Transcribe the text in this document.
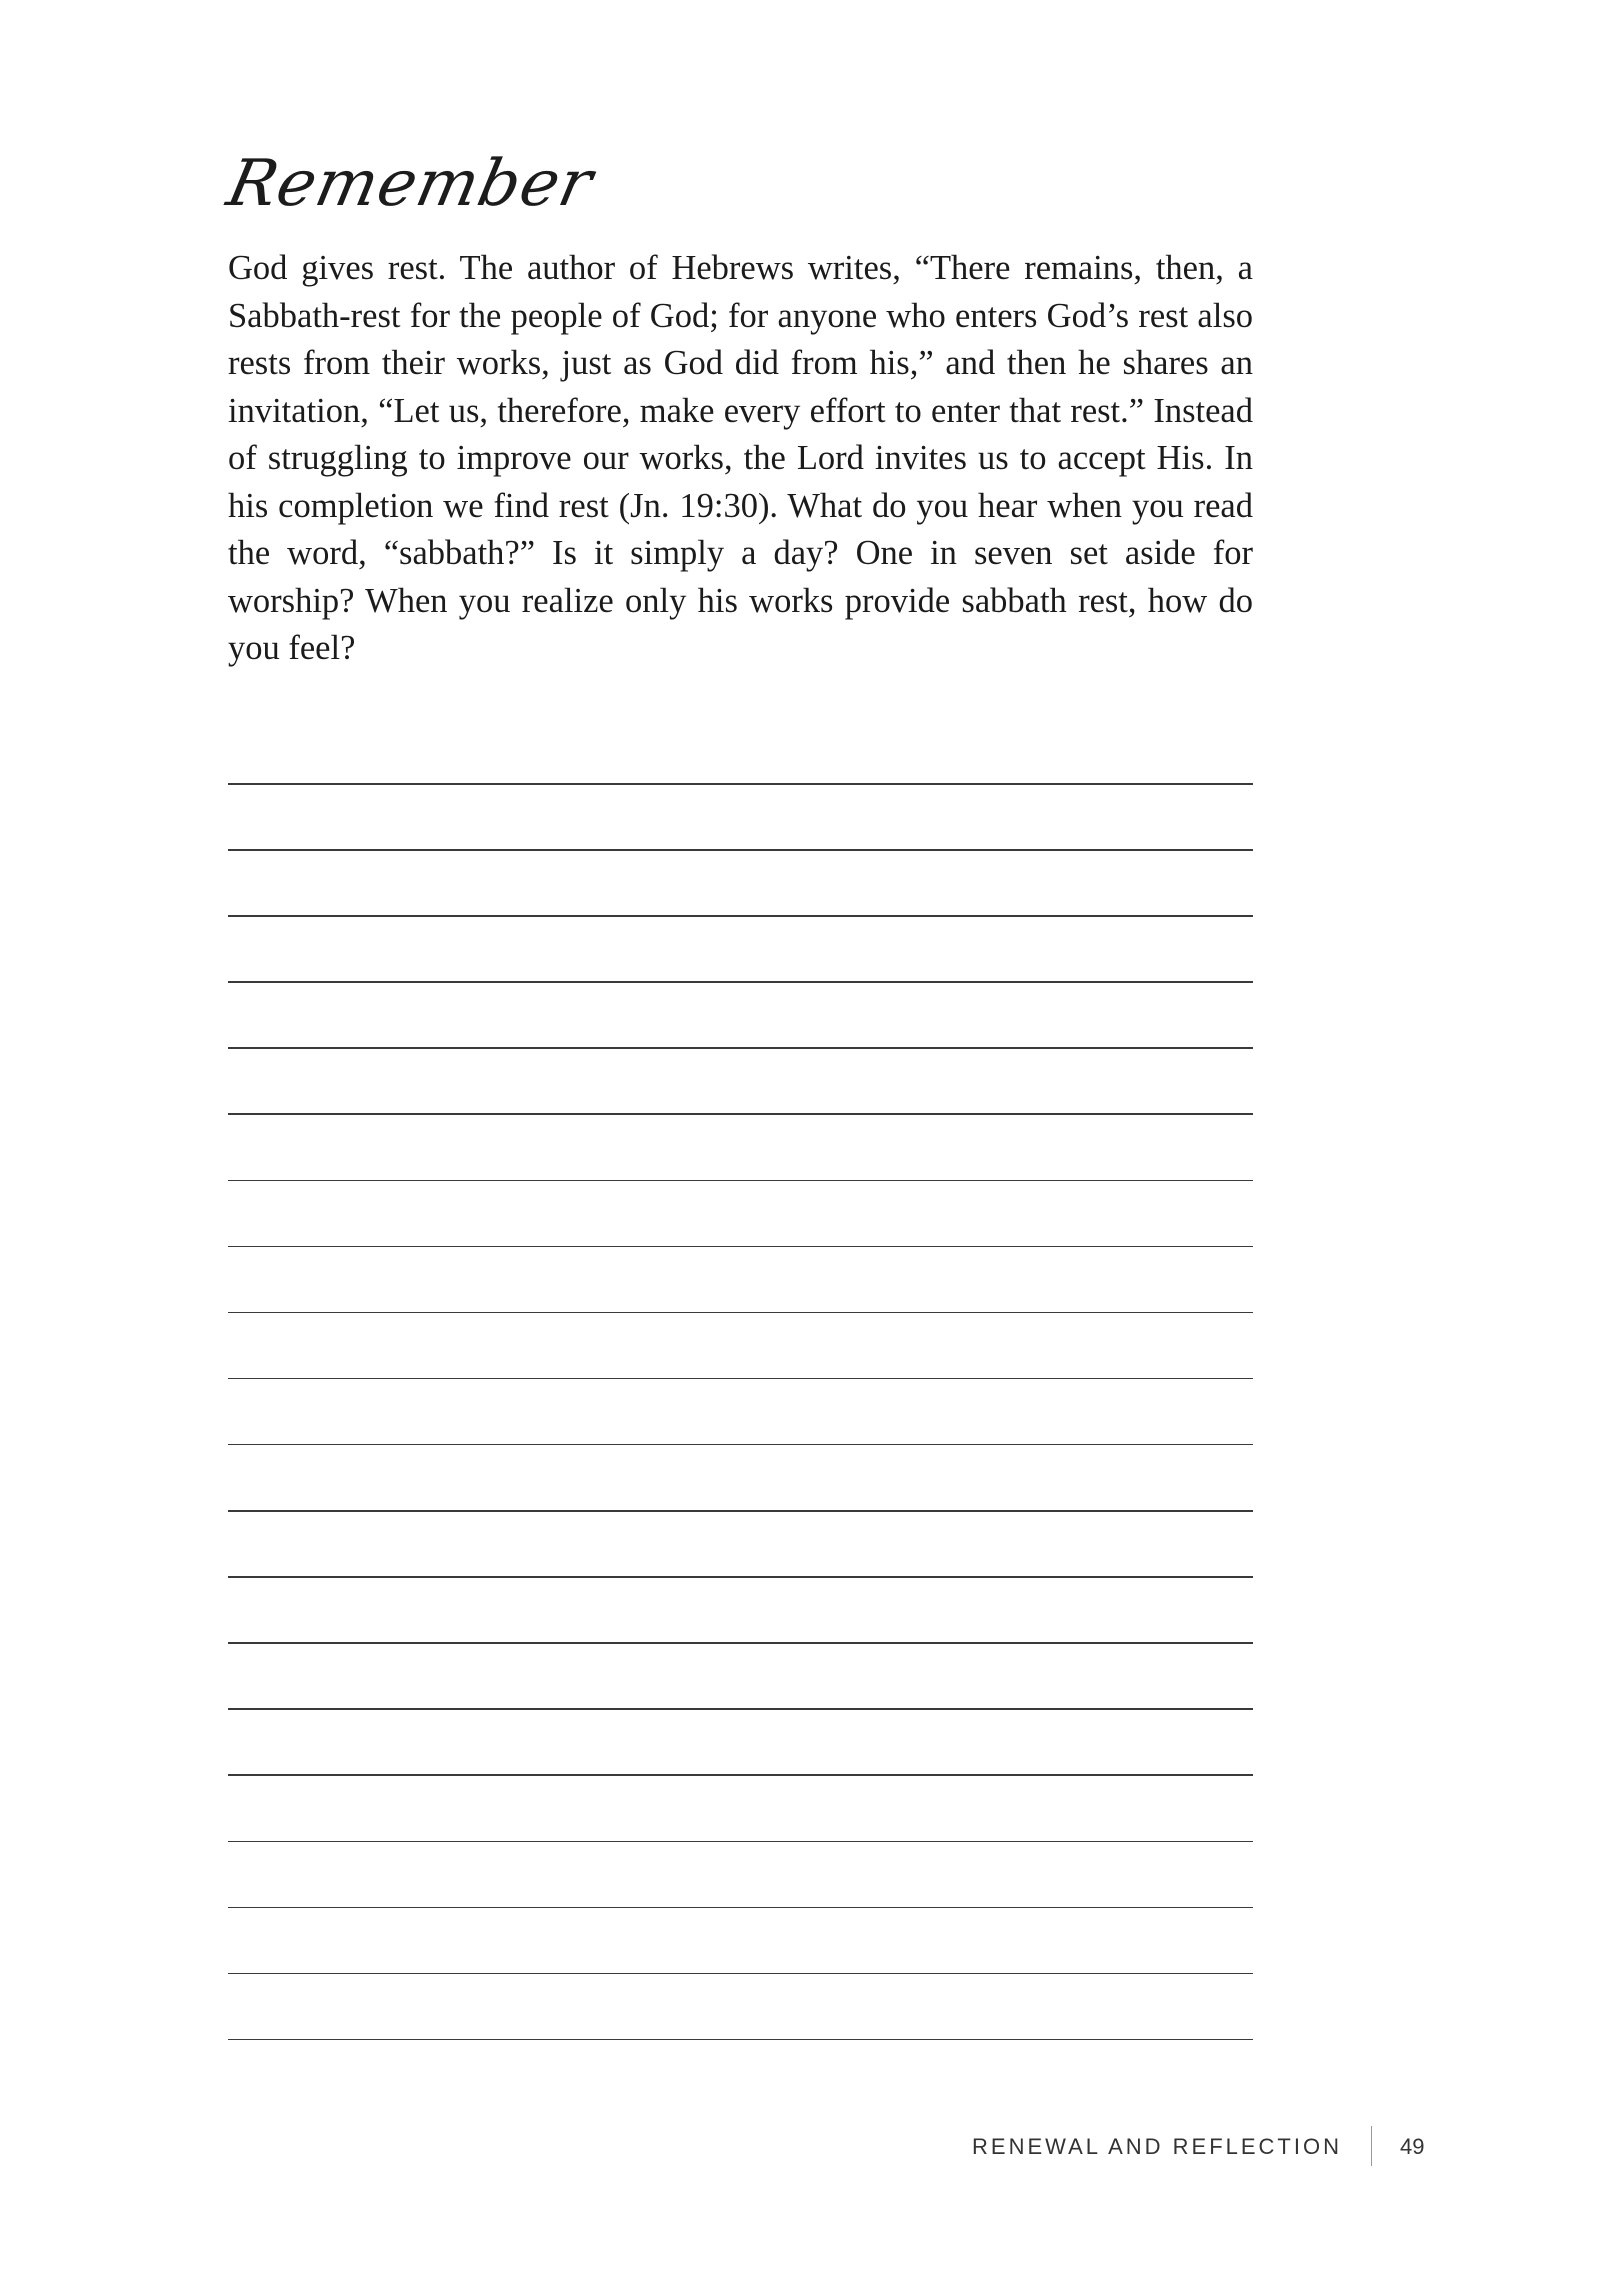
Remember

God gives rest. The author of Hebrews writes, “There remains, then, a Sabbath-rest for the people of God; for anyone who enters God’s rest also rests from their works, just as God did from his,” and then he shares an invitation, “Let us, therefore, make every effort to enter that rest.” Instead of struggling to improve our works, the Lord invites us to accept His. In his completion we find rest (Jn. 19:30). What do you hear when you read the word, “sabbath?” Is it simply a day? One in seven set aside for worship? When you realize only his works provide sabbath rest, how do you feel?

RENEWAL AND REFLECTION	49
